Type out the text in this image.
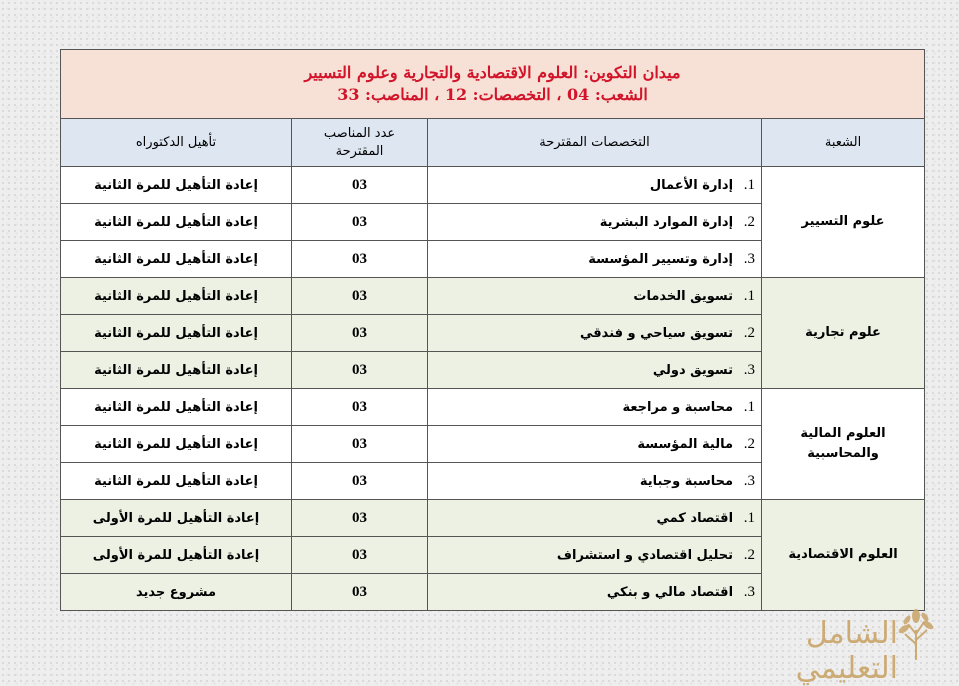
ميدان التكوين: العلوم الاقتصادية والتجارية وعلوم التسيير
الشعب: 04 ، التخصصات: 12 ، المناصب: 33			

الشعبة	التخصصات المقترحة	عدد المناصب المقترحة	تأهيل الدكتوراه
علوم التسيير	1.إدارة الأعمال	03	إعادة التأهيل للمرة الثانية
	2.إدارة الموارد البشرية	03	إعادة التأهيل للمرة الثانية
	3.إدارة وتسيير المؤسسة	03	إعادة التأهيل للمرة الثانية
علوم تجارية	1.تسويق الخدمات	03	إعادة التأهيل للمرة الثانية
	2.تسويق سياحي و فندقي	03	إعادة التأهيل للمرة الثانية
	3.تسويق دولي	03	إعادة التأهيل للمرة الثانية
العلوم المالية والمحاسبية	1.محاسبة و مراجعة	03	إعادة التأهيل للمرة الثانية
	2.مالية المؤسسة	03	إعادة التأهيل للمرة الثانية
	3.محاسبة وجباية	03	إعادة التأهيل للمرة الثانية
العلوم الاقتصادية	1.اقتصاد كمي	03	إعادة التأهيل للمرة الأولى
	2.تحليل اقتصادي و استشراف	03	إعادة التأهيل للمرة الأولى
	3.اقتصاد مالي و بنكي	03	مشروع جديد
الشامل التعليمي
